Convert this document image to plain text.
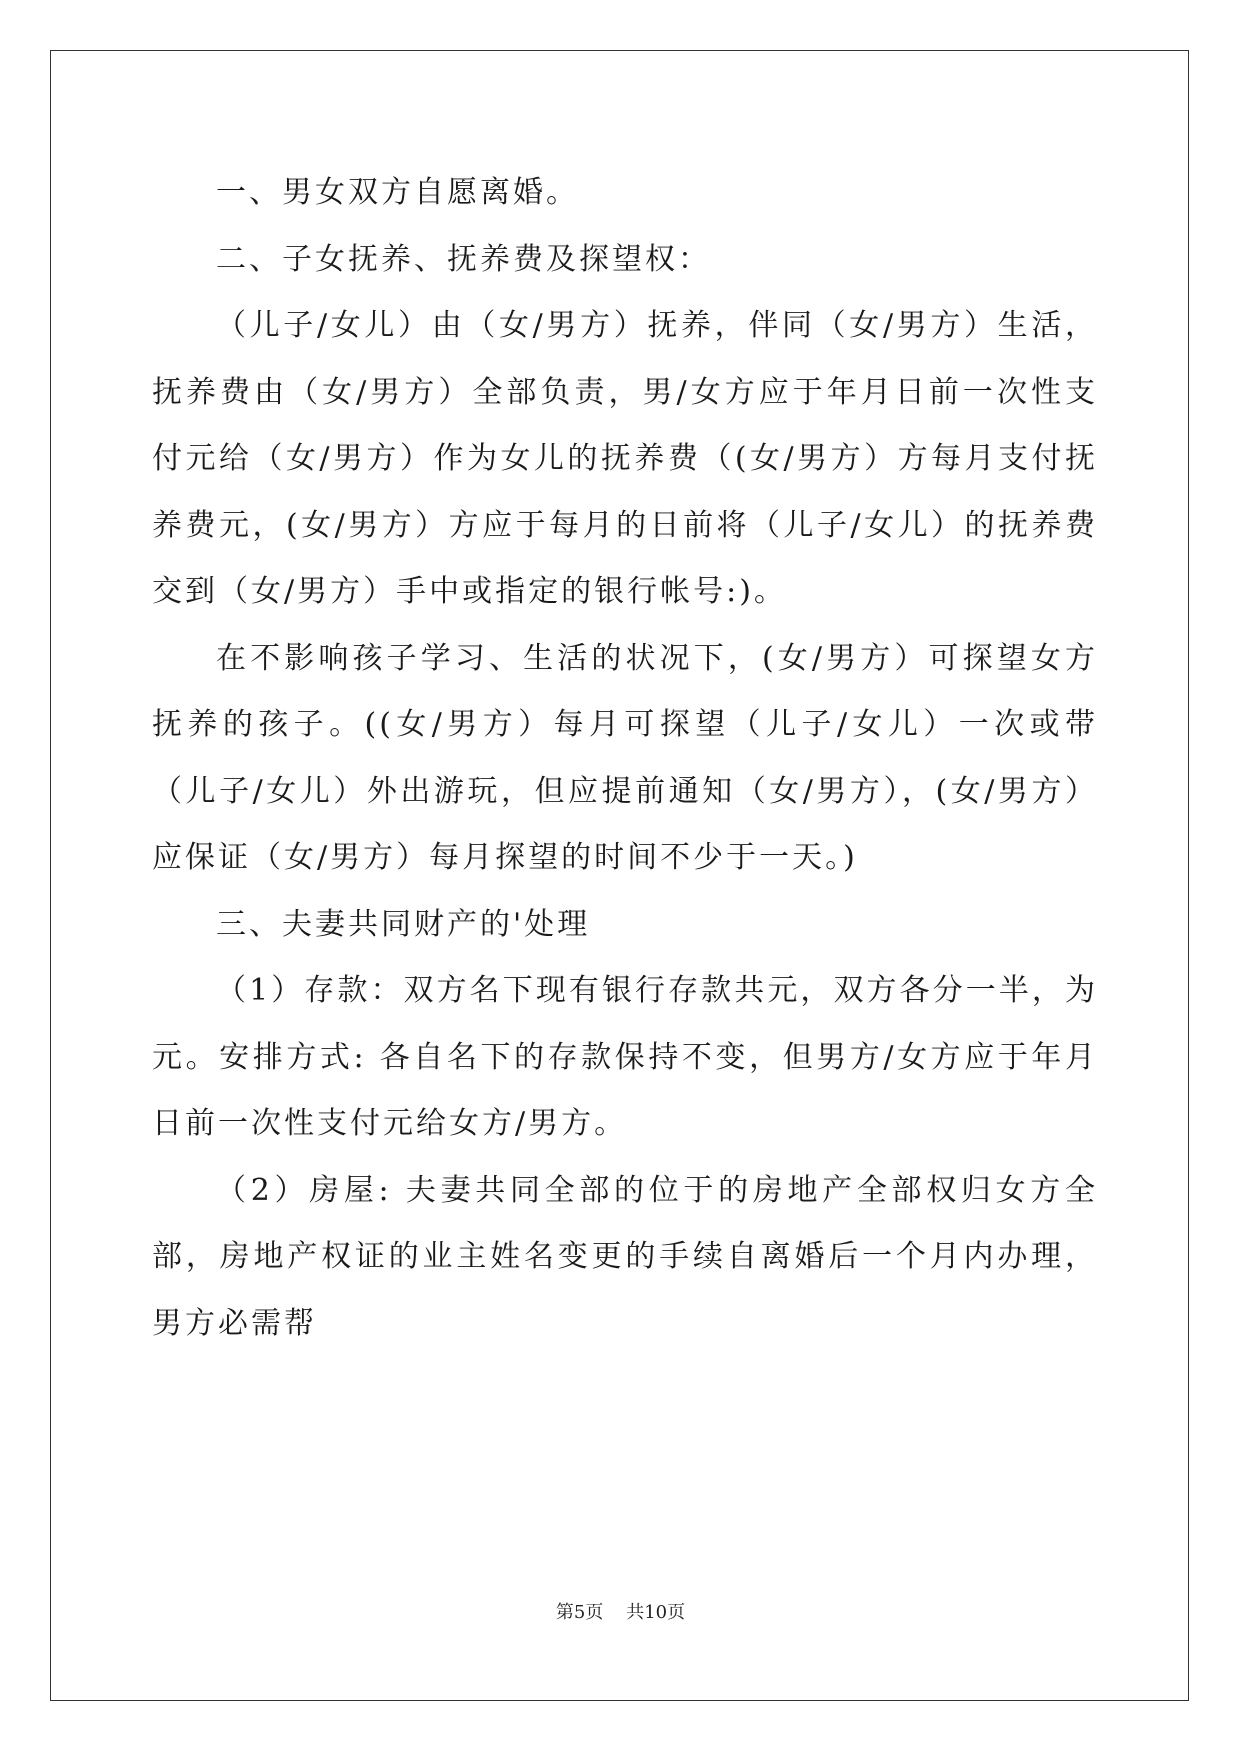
一、男女双方自愿离婚。

二、子女抚养、抚养费及探望权：

（儿子/女儿）由（女/男方）抚养，伴同（女/男方）生活，抚养费由（女/男方）全部负责，男/女方应于年月日前一次性支付元给（女/男方）作为女儿的抚养费（(女/男方）方每月支付抚养费元，(女/男方）方应于每月的日前将（儿子/女儿）的抚养费交到（女/男方）手中或指定的银行帐号:)。

在不影响孩子学习、生活的状况下，(女/男方）可探望女方抚养的孩子。((女/男方）每月可探望（儿子/女儿）一次或带（儿子/女儿）外出游玩，但应提前通知（女/男方），(女/男方）应保证（女/男方）每月探望的时间不少于一天。)

三、夫妻共同财产的'处理

（1）存款：双方名下现有银行存款共元，双方各分一半，为元。安排方式: 各自名下的存款保持不变，但男方/女方应于年月日前一次性支付元给女方/男方。

（2）房屋: 夫妻共同全部的位于的房地产全部权归女方全部，房地产权证的业主姓名变更的手续自离婚后一个月内办理，男方必需帮

第5页 共10页
